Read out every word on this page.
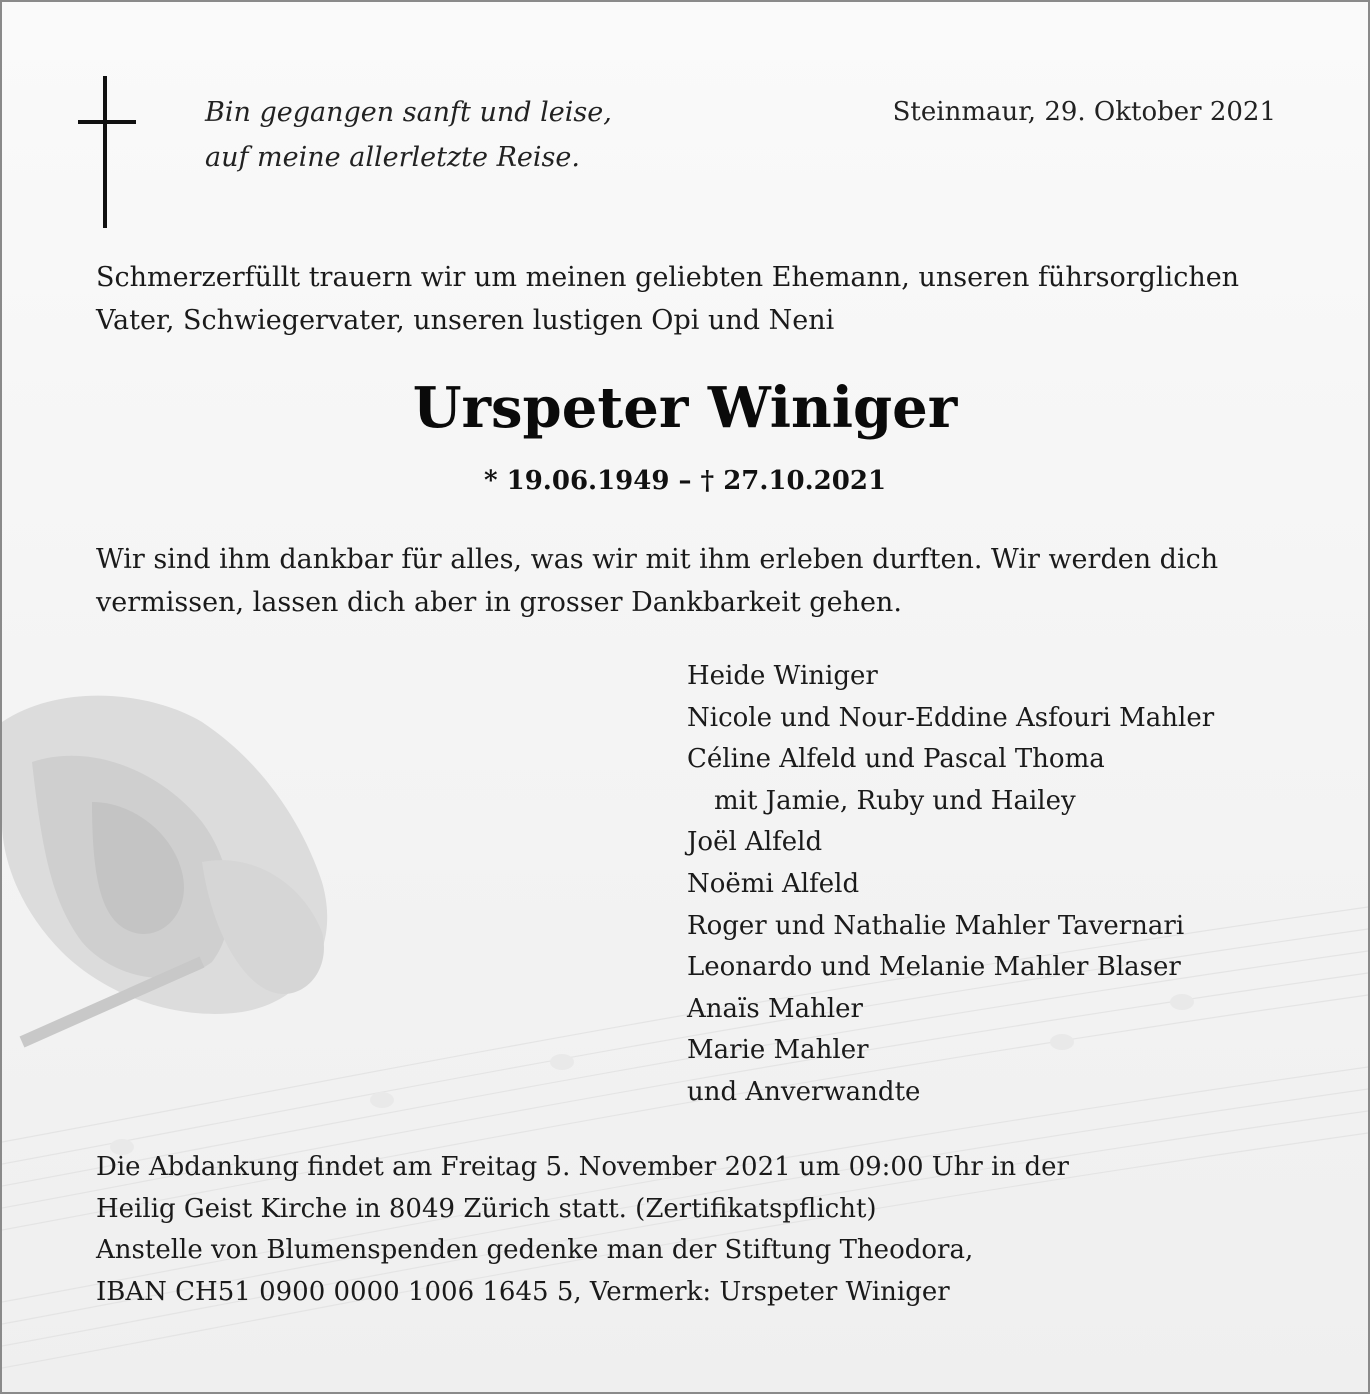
Bin gegangen sanft und leise,
auf meine allerletzte Reise.
Steinmaur, 29. Oktober 2021
Schmerzerfüllt trauern wir um meinen geliebten Ehemann, unseren führsorglichen
Vater, Schwiegervater, unseren lustigen Opi und Neni
Urspeter Winiger
* 19.06.1949 – † 27.10.2021
Wir sind ihm dankbar für alles, was wir mit ihm erleben durften. Wir werden dich
vermissen, lassen dich aber in grosser Dankbarkeit gehen.
Heide Winiger
Nicole und Nour-Eddine Asfouri Mahler
Céline Alfeld und Pascal Thoma
mit Jamie, Ruby und Hailey
Joël Alfeld
Noëmi Alfeld
Roger und Nathalie Mahler Tavernari
Leonardo und Melanie Mahler Blaser
Anaïs Mahler
Marie Mahler
und Anverwandte
Die Abdankung findet am Freitag 5. November 2021 um 09:00 Uhr in der
Heilig Geist Kirche in 8049 Zürich statt. (Zertifikatspflicht)
Anstelle von Blumenspenden gedenke man der Stiftung Theodora,
IBAN CH51 0900 0000 1006 1645 5, Vermerk: Urspeter Winiger
